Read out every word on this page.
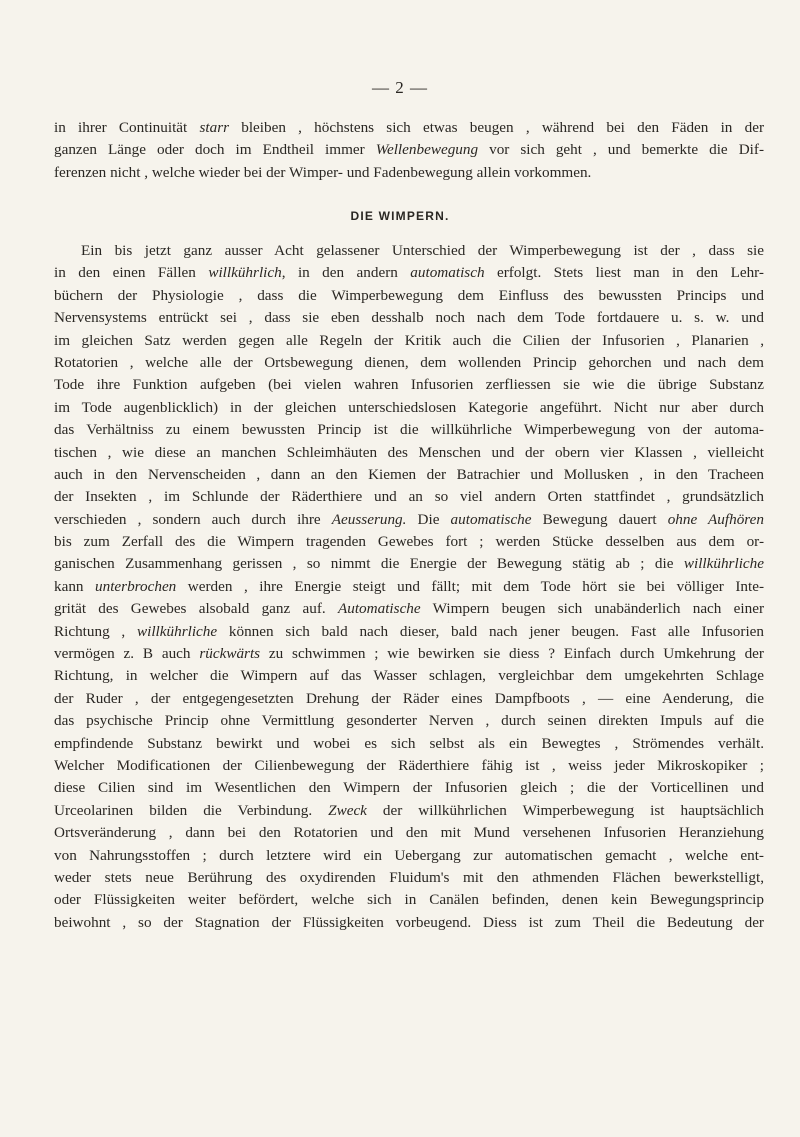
— 2 —
in ihrer Continuität starr bleiben , höchstens sich etwas beugen , während bei den Fäden in der
ganzen Länge oder doch im Endtheil immer Wellenbewegung vor sich geht , und bemerkte die Dif-
ferenzen nicht , welche wieder bei der Wimper- und Fadenbewegung allein vorkommen.
DIE WIMPERN.
Ein bis jetzt ganz ausser Acht gelassener Unterschied der Wimperbewegung ist der , dass sie
in den einen Fällen willkührlich, in den andern automatisch erfolgt. Stets liest man in den Lehr-
büchern der Physiologie , dass die Wimperbewegung dem Einfluss des bewussten Princips und
Nervensystems entrückt sei , dass sie eben desshalb noch nach dem Tode fortdauere u. s. w. und
im gleichen Satz werden gegen alle Regeln der Kritik auch die Cilien der Infusorien , Planarien ,
Rotatorien , welche alle der Ortsbewegung dienen, dem wollenden Princip gehorchen und nach dem
Tode ihre Funktion aufgeben (bei vielen wahren Infusorien zerfliessen sie wie die übrige Substanz
im Tode augenblicklich) in der gleichen unterschiedslosen Kategorie angeführt. Nicht nur aber durch
das Verhältniss zu einem bewussten Princip ist die willkührliche Wimperbewegung von der automa-
tischen , wie diese an manchen Schleimhäuten des Menschen und der obern vier Klassen , vielleicht
auch in den Nervenscheiden , dann an den Kiemen der Batrachier und Mollusken , in den Tracheen
der Insekten , im Schlunde der Räderthiere und an so viel andern Orten stattfindet , grundsätzlich
verschieden , sondern auch durch ihre Aeusserung. Die automatische Bewegung dauert ohne Aufhören
bis zum Zerfall des die Wimpern tragenden Gewebes fort ; werden Stücke desselben aus dem or-
ganischen Zusammenhang gerissen , so nimmt die Energie der Bewegung stätig ab ; die willkührliche
kann unterbrochen werden , ihre Energie steigt und fällt; mit dem Tode hört sie bei völliger Inte-
grität des Gewebes alsobald ganz auf. Automatische Wimpern beugen sich unabänderlich nach einer
Richtung , willkührliche können sich bald nach dieser, bald nach jener beugen. Fast alle Infusorien
vermögen z. B auch rückwärts zu schwimmen ; wie bewirken sie diess ? Einfach durch Umkehrung der
Richtung, in welcher die Wimpern auf das Wasser schlagen, vergleichbar dem umgekehrten Schlage
der Ruder , der entgegengesetzten Drehung der Räder eines Dampfboots , — eine Aenderung, die
das psychische Princip ohne Vermittlung gesonderter Nerven , durch seinen direkten Impuls auf die
empfindende Substanz bewirkt und wobei es sich selbst als ein Bewegtes , Strömendes verhält.
Welcher Modificationen der Cilienbewegung der Räderthiere fähig ist , weiss jeder Mikroskopiker ;
diese Cilien sind im Wesentlichen den Wimpern der Infusorien gleich ; die der Vorticellinen und
Urceolarinen bilden die Verbindung. Zweck der willkührlichen Wimperbewegung ist hauptsächlich
Ortsveränderung , dann bei den Rotatorien und den mit Mund versehenen Infusorien Heranziehung
von Nahrungsstoffen ; durch letztere wird ein Uebergang zur automatischen gemacht , welche ent-
weder stets neue Berührung des oxydirenden Fluidum's mit den athmenden Flächen bewerkstelligt,
oder Flüssigkeiten weiter befördert, welche sich in Canälen befinden, denen kein Bewegungsprincip
beiwohnt , so der Stagnation der Flüssigkeiten vorbeugend. Diess ist zum Theil die Bedeutung der
